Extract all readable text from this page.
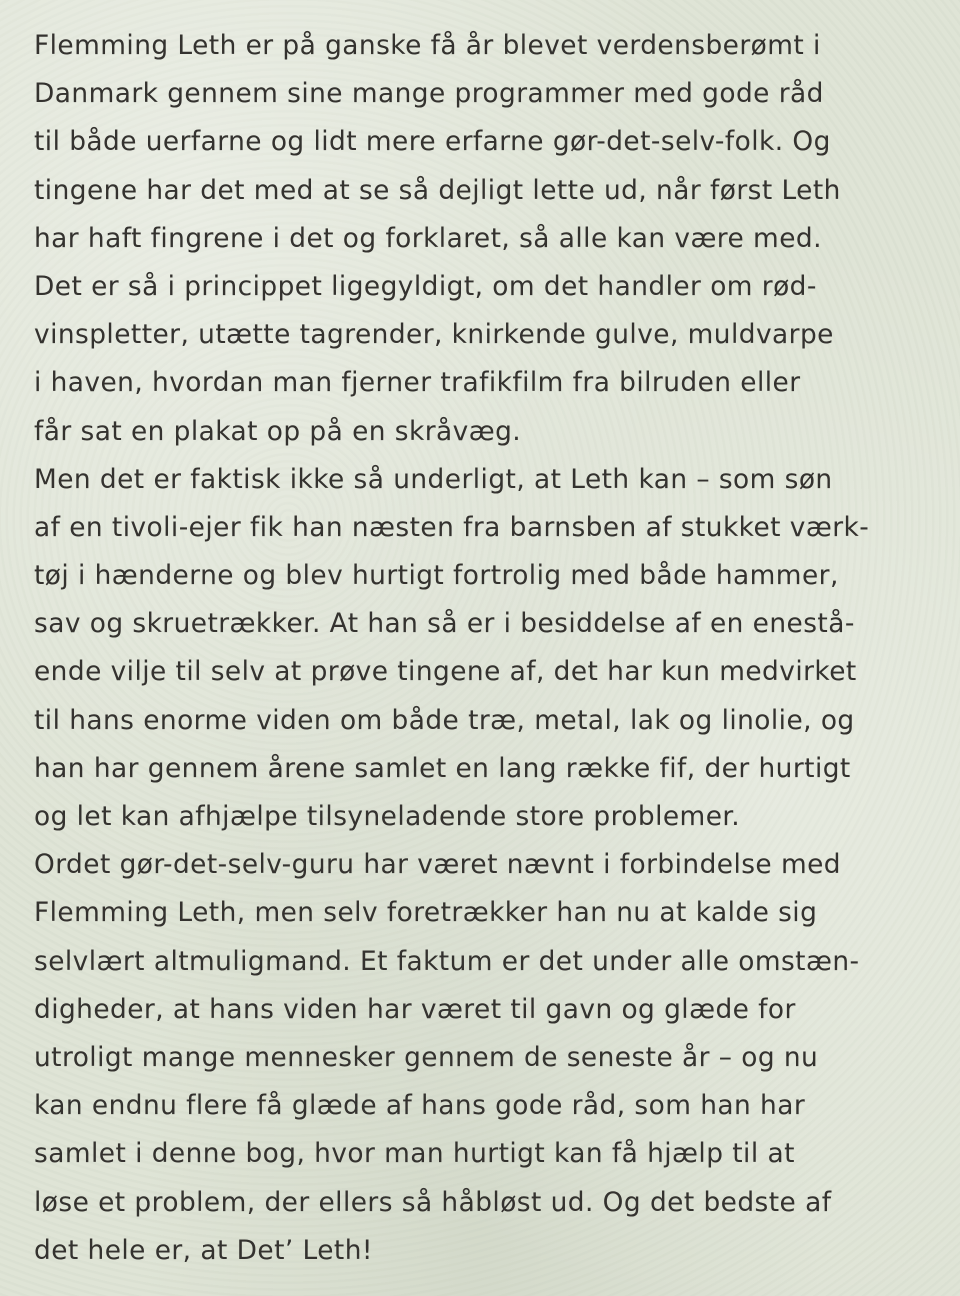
Flemming Leth er på ganske få år blevet verdensberømt i
Danmark gennem sine mange programmer med gode råd
til både uerfarne og lidt mere erfarne gør-det-selv-folk. Og
tingene har det med at se så dejligt lette ud, når først Leth
har haft fingrene i det og forklaret, så alle kan være med.
Det er så i princippet ligegyldigt, om det handler om rød-
vinspletter, utætte tagrender, knirkende gulve, muldvarpe
i haven, hvordan man fjerner trafikfilm fra bilruden eller
får sat en plakat op på en skråvæg.
Men det er faktisk ikke så underligt, at Leth kan – som søn
af en tivoli-ejer fik han næsten fra barnsben af stukket værk-
tøj i hænderne og blev hurtigt fortrolig med både hammer,
sav og skruetrækker. At han så er i besiddelse af en enestå-
ende vilje til selv at prøve tingene af, det har kun medvirket
til hans enorme viden om både træ, metal, lak og linolie, og
han har gennem årene samlet en lang række fif, der hurtigt
og let kan afhjælpe tilsyneladende store problemer.
Ordet gør-det-selv-guru har været nævnt i forbindelse med
Flemming Leth, men selv foretrækker han nu at kalde sig
selvlært altmuligmand. Et faktum er det under alle omstæn-
digheder, at hans viden har været til gavn og glæde for
utroligt mange mennesker gennem de seneste år – og nu
kan endnu flere få glæde af hans gode råd, som han har
samlet i denne bog, hvor man hurtigt kan få hjælp til at
løse et problem, der ellers så håbløst ud. Og det bedste af
det hele er, at Det’ Leth!
